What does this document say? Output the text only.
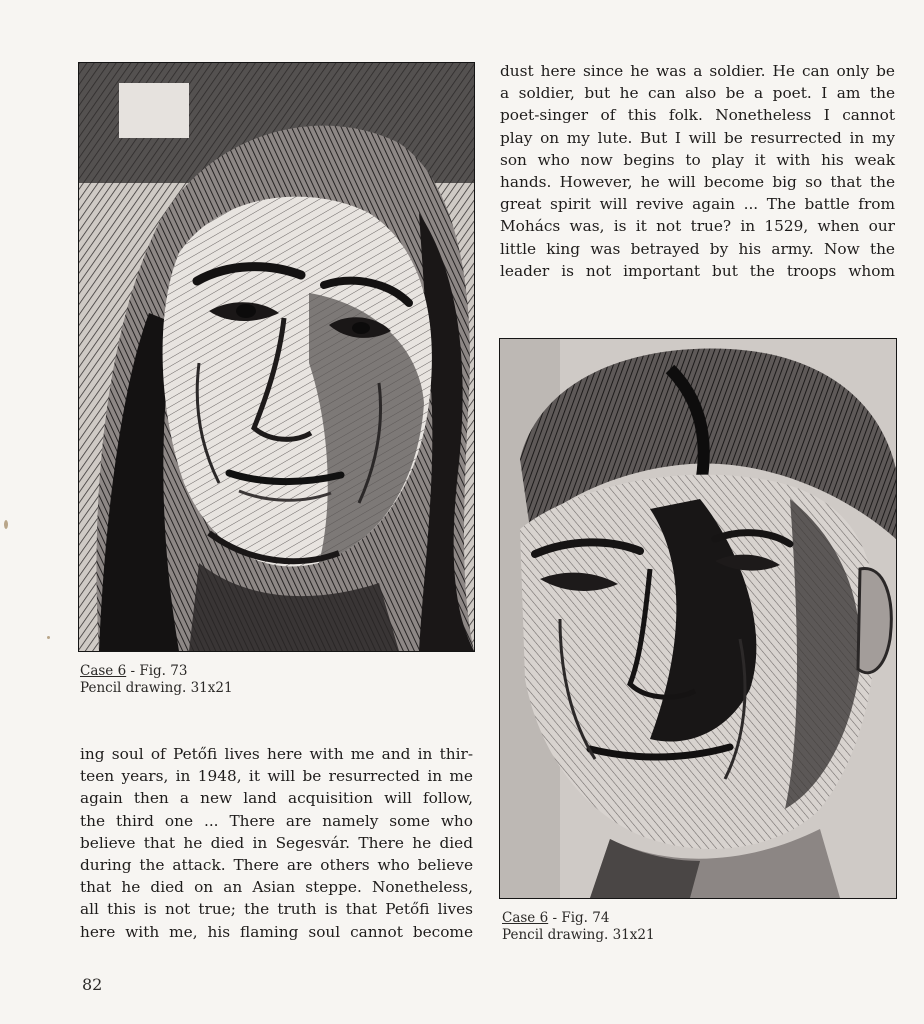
Case 6 - Fig. 73
Pencil drawing. 31x21
dust here since he was a soldier. He can only be
a soldier, but he can also be a poet. I am the
poet-singer of this folk. Nonetheless I cannot
play on my lute. But I will be resurrected in my
son who now begins to play it with his weak
hands. However, he will become big so that the
great spirit will revive again ... The battle from
Mohács was, is it not true? in 1529, when our
little king was betrayed by his army. Now the
leader is not important but the troops whom
Case 6 - Fig. 74
Pencil drawing. 31x21
ing soul of Petőfi lives here with me and in thir-
teen years, in 1948, it will be resurrected in me
again then a new land acquisition will follow,
the third one ... There are namely some who
believe that he died in Segesvár. There he died
during the attack. There are others who believe
that he died on an Asian steppe. Nonetheless,
all this is not true; the truth is that Petőfi lives
here with me, his flaming soul cannot become
82
